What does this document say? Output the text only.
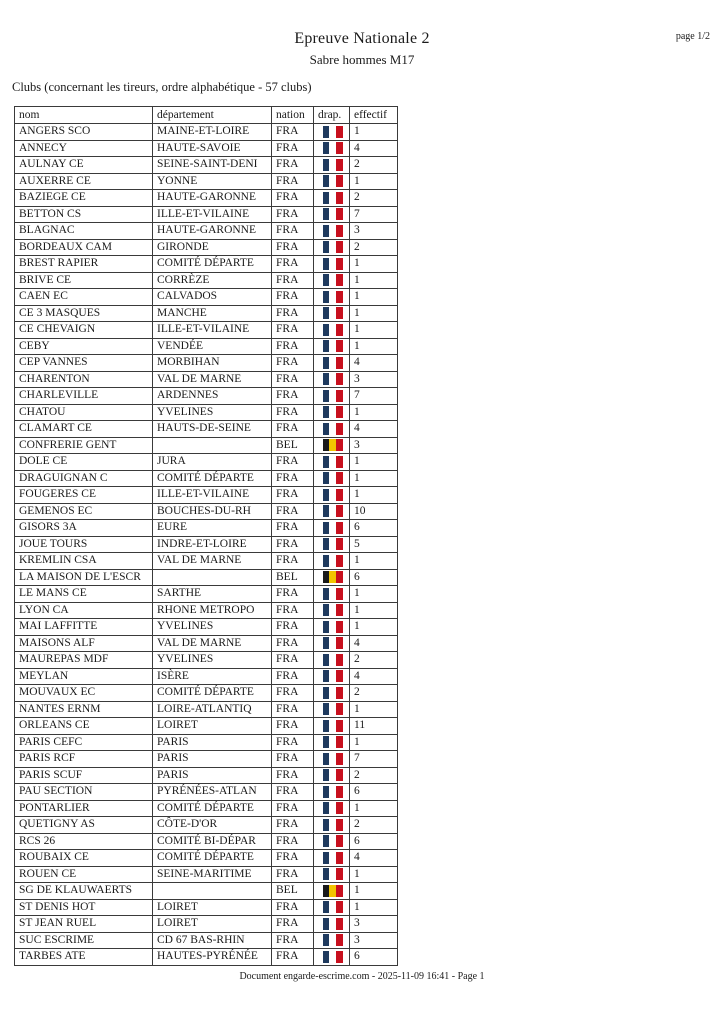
Epreuve Nationale 2
Sabre hommes M17
page 1/2
Clubs (concernant les tireurs, ordre alphabétique - 57 clubs)
nom	département	nation	drap.	effectif
ANGERS SCO	MAINE-ET-LOIRE	FRA		1
ANNECY	HAUTE-SAVOIE	FRA		4
AULNAY CE	SEINE-SAINT-DENI	FRA		2
AUXERRE CE	YONNE	FRA		1
BAZIEGE CE	HAUTE-GARONNE	FRA		2
BETTON CS	ILLE-ET-VILAINE	FRA		7
BLAGNAC	HAUTE-GARONNE	FRA		3
BORDEAUX CAM	GIRONDE	FRA		2
BREST RAPIER	COMITÉ DÉPARTE	FRA		1
BRIVE CE	CORRÈZE	FRA		1
CAEN EC	CALVADOS	FRA		1
CE 3 MASQUES	MANCHE	FRA		1
CE CHEVAIGN	ILLE-ET-VILAINE	FRA		1
CEBY	VENDÉE	FRA		1
CEP VANNES	MORBIHAN	FRA		4
CHARENTON	VAL DE MARNE	FRA		3
CHARLEVILLE	ARDENNES	FRA		7
CHATOU	YVELINES	FRA		1
CLAMART CE	HAUTS-DE-SEINE	FRA		4
CONFRERIE GENT		BEL		3
DOLE CE	JURA	FRA		1
DRAGUIGNAN C	COMITÉ DÉPARTE	FRA		1
FOUGERES CE	ILLE-ET-VILAINE	FRA		1
GEMENOS EC	BOUCHES-DU-RH	FRA		10
GISORS 3A	EURE	FRA		6
JOUE TOURS	INDRE-ET-LOIRE	FRA		5
KREMLIN CSA	VAL DE MARNE	FRA		1
LA MAISON DE L'ESCR		BEL		6
LE MANS CE	SARTHE	FRA		1
LYON CA	RHONE METROPO	FRA		1
MAI LAFFITTE	YVELINES	FRA		1
MAISONS ALF	VAL DE MARNE	FRA		4
MAUREPAS MDF	YVELINES	FRA		2
MEYLAN	ISÈRE	FRA		4
MOUVAUX EC	COMITÉ DÉPARTE	FRA		2
NANTES ERNM	LOIRE-ATLANTIQ	FRA		1
ORLEANS CE	LOIRET	FRA		11
PARIS CEFC	PARIS	FRA		1
PARIS RCF	PARIS	FRA		7
PARIS SCUF	PARIS	FRA		2
PAU SECTION	PYRÉNÉES-ATLAN	FRA		6
PONTARLIER	COMITÉ DÉPARTE	FRA		1
QUETIGNY AS	CÔTE-D'OR	FRA		2
RCS 26	COMITÉ BI-DÉPAR	FRA		6
ROUBAIX CE	COMITÉ DÉPARTE	FRA		4
ROUEN CE	SEINE-MARITIME	FRA		1
SG DE KLAUWAERTS		BEL		1
ST DENIS HOT	LOIRET	FRA		1
ST JEAN RUEL	LOIRET	FRA		3
SUC ESCRIME	CD 67 BAS-RHIN	FRA		3
TARBES ATE	HAUTES-PYRÉNÉE	FRA		6
Document engarde-escrime.com - 2025-11-09 16:41 - Page 1
